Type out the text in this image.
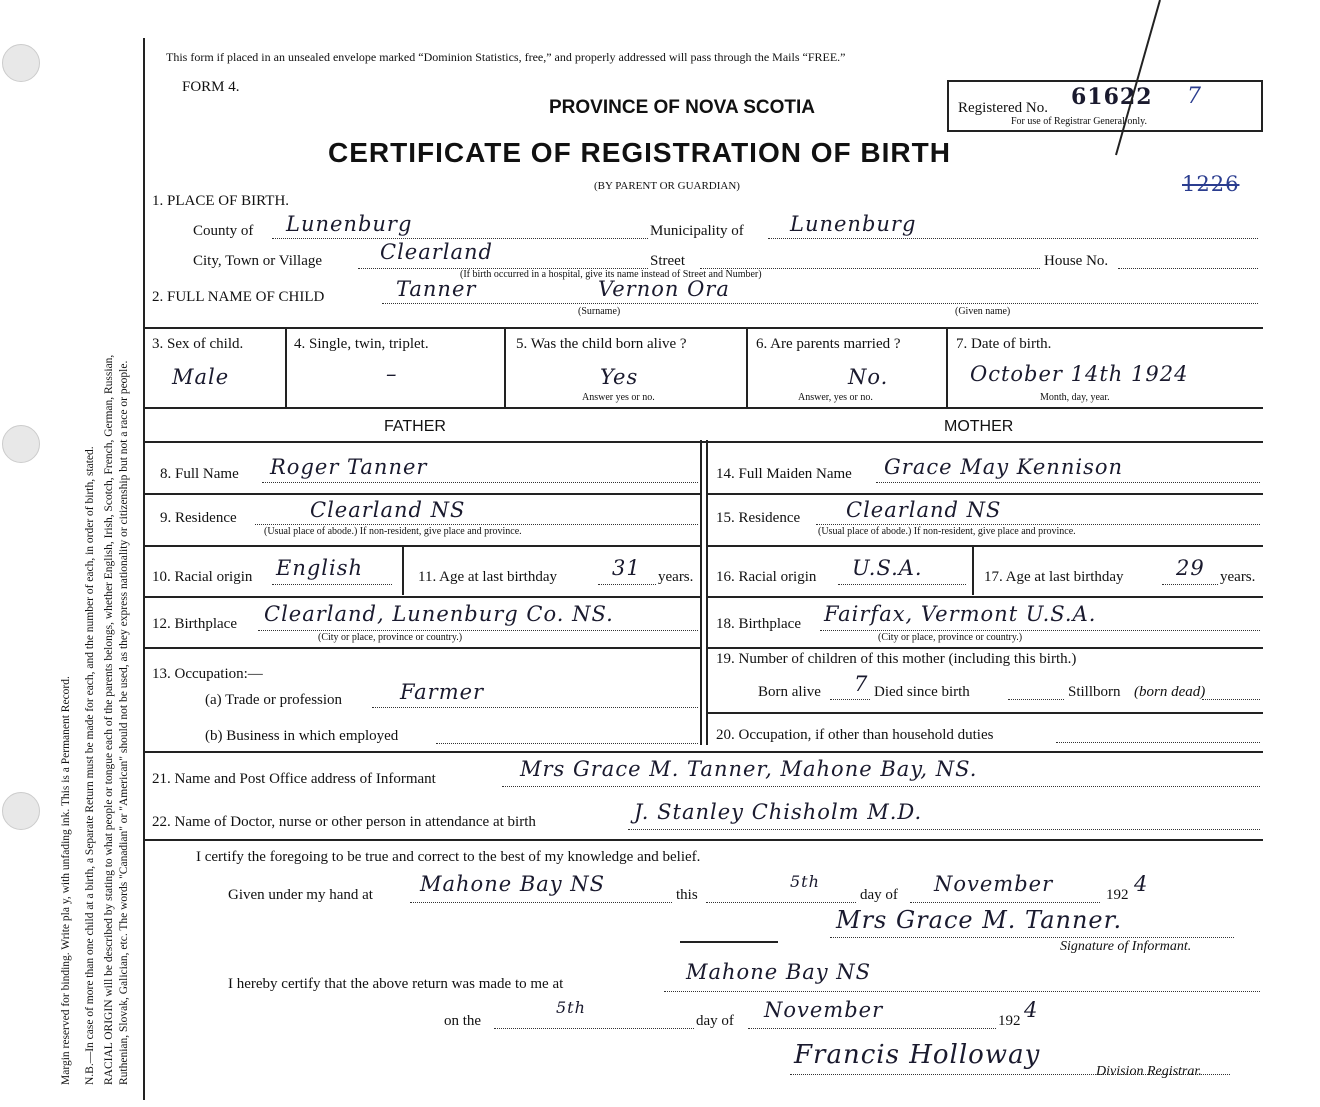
Margin reserved for binding. Write pla y, with unfading ink. This is a Permanent Record. N.B.—In case of more than one child at a birth, a Separate Return must be made for each, and the number of each, in order of birth, stated. RACIAL ORIGIN will be described by stating to what people or tongue each of the parents belongs, whether English, Irish, Scotch, French, German, Russian, Ruthenian, Slovak, Galician, etc. The words "Canadian" or "American" should not be used, as they express nationality or citizenship but not a race or people.
This form if placed in an unsealed envelope marked “Dominion Statistics, free,” and properly addressed will pass through the Mails “FREE.”
FORM 4.
PROVINCE OF NOVA SCOTIA
CERTIFICATE OF REGISTRATION OF BIRTH
(BY PARENT OR GUARDIAN)
Registered No. 61622 7
For use of Registrar General only.
1226
1. PLACE OF BIRTH.
County of Lunenburg	Municipality of Lunenburg
City, Town or Village	Clearland	Street	House No.
(If birth occurred in a hospital, give its name instead of Street and Number)
2. FULL NAME OF CHILD	Tanner	Vernon Ora
(Surname)	(Given name)
3. Sex of child.
Male
4. Single, twin, triplet.
–
5. Was the child born alive ?
Yes
Answer yes or no.
6. Are parents married ?
No.
Answer, yes or no.
7. Date of birth.
October 14th 1924
Month, day, year.
FATHER	MOTHER
8. Full Name Roger Tanner
9. Residence	Clearland NS
(Usual place of abode.) If non-resident, give place and province.
10. Racial origin English	11. Age at last birthday	31 years.
12. Birthplace Clearland, Lunenburg Co. NS.
(City or place, province or country.)
13. Occupation:—
(a) Trade or profession	Farmer
(b) Business in which employed
14. Full Maiden Name Grace May Kennison
15. Residence Clearland NS
(Usual place of abode.) If non-resident, give place and province.
16. Racial origin U.S.A.	17. Age at last birthday 29 years.
18. Birthplace Fairfax, Vermont U.S.A.
(City or place, province or country.)
19. Number of children of this mother (including this birth.)
Born alive 7 Died since birth	Stillborn (born dead)
20. Occupation, if other than household duties
21. Name and Post Office address of Informant	Mrs Grace M. Tanner, Mahone Bay, NS.
22. Name of Doctor, nurse or other person in attendance at birth	J. Stanley Chisholm M.D.
I certify the foregoing to be true and correct to the best of my knowledge and belief.
Given under my hand at Mahone Bay NS	this
5th
day of November	192 4
Mrs Grace M. Tanner.
Signature of Informant.
I hereby certify that the above return was made to me at	Mahone Bay NS
on the
5th
day of November	192 4
Francis Holloway
Division Registrar.
